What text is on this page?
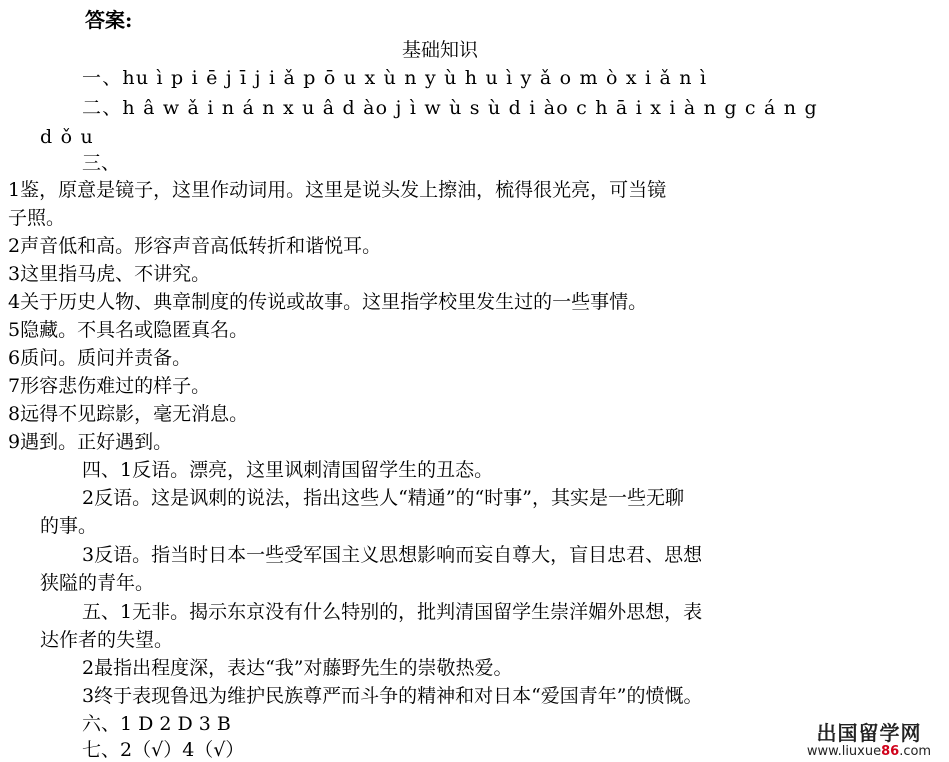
答案:
基础知识
一、hu ì p i ē j ī j i ǎ p ō u x ù n y ù h u ì y ǎ o m ò x i ǎ n ì
二、h â w ǎ i n á n x u â d ào j ì w ù s ù d i ào c h ā i x i à n g c á n g
d ǒ u
三、
1鉴，原意是镜子，这里作动词用。这里是说头发上擦油，梳得很光亮，可当镜
子照。
2声音低和高。形容声音高低转折和谐悦耳。
3这里指马虎、不讲究。
4关于历史人物、典章制度的传说或故事。这里指学校里发生过的一些事情。
5隐藏。不具名或隐匿真名。
6质问。质问并责备。
7形容悲伤难过的样子。
8远得不见踪影，毫无消息。
9遇到。正好遇到。
四、1反语。漂亮，这里讽刺清国留学生的丑态。
2反语。这是讽刺的说法，指出这些人“精通”的“时事”，其实是一些无聊
的事。
3反语。指当时日本一些受军国主义思想影响而妄自尊大，盲目忠君、思想
狭隘的青年。
五、1无非。揭示东京没有什么特别的，批判清国留学生崇洋媚外思想，表
达作者的失望。
2最指出程度深，表达“我”对藤野先生的崇敬热爱。
3终于表现鲁迅为维护民族尊严而斗争的精神和对日本“爱国青年”的愤慨。
六、1 D 2 D 3 B
七、2（√）4（√）
出国留学网
www.liuxue86.com
